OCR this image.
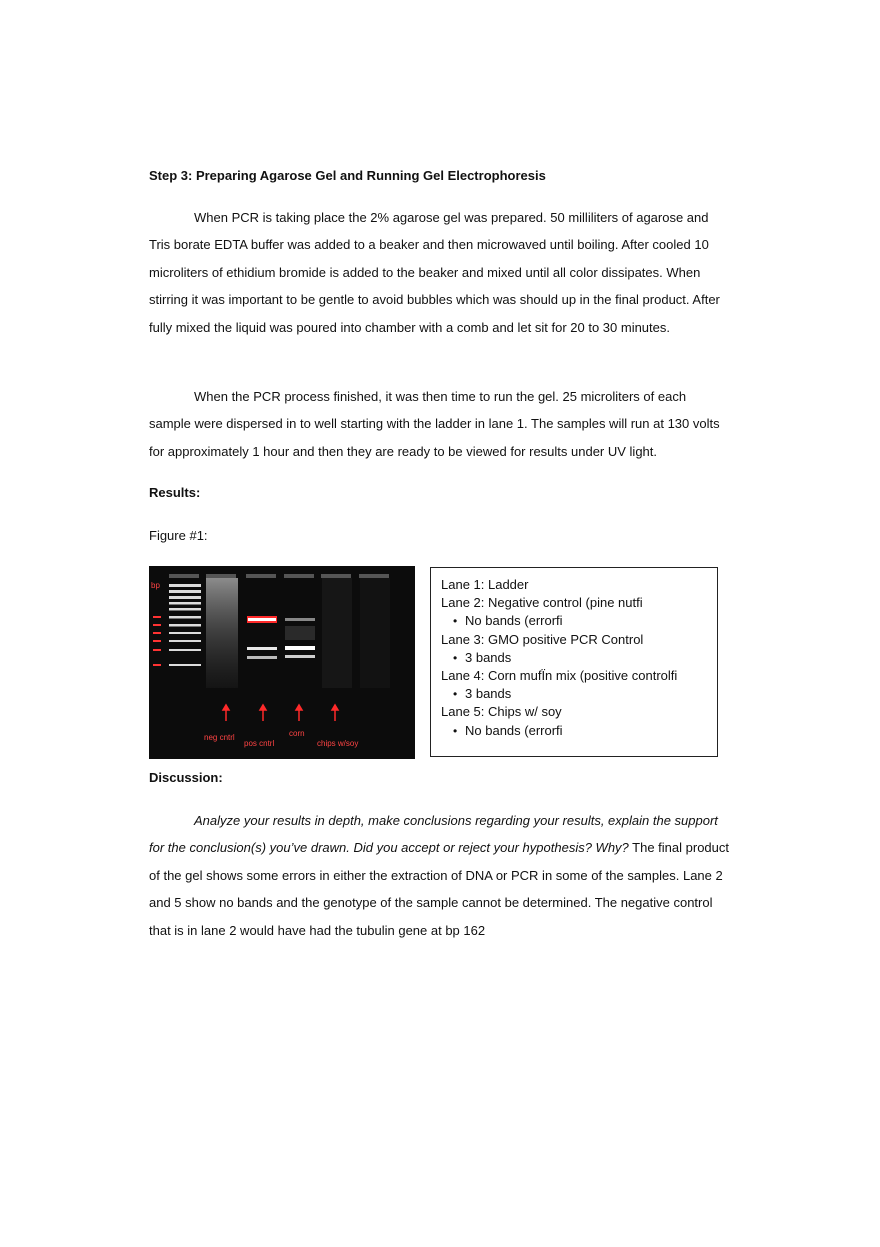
Step 3: Preparing Agarose Gel and Running Gel Electrophoresis

When PCR is taking place the 2% agarose gel was prepared. 50 milliliters of agarose and Tris borate EDTA buffer was added to a beaker and then microwaved until boiling. After cooled 10 microliters of ethidium bromide is added to the beaker and mixed until all color dissipates. When stirring it was important to be gentle to avoid bubbles which was should up in the final product. After fully mixed the liquid was poured into chamber with a comb and let sit for 20 to 30 minutes.

When the PCR process finished, it was then time to run the gel. 25 microliters of each sample were dispersed in to well starting with the ladder in lane 1. The samples will run at 130 volts for approximately 1 hour and then they are ready to be viewed for results under UV light.

Results:
Figure #1:
bp
neg cntrl
pos cntrl
corn
chips w/soy

Lane 1: Ladder

Lane 2: Negative control (pine nutfi

• No bands (errorfi

Lane 3: GMO positive PCR Control

• 3 bands

Lane 4: Corn mufÏn mix (positive controlfi

• 3 bands

Lane 5: Chips w/ soy

• No bands (errorfi

Discussion:

Analyze your results in depth, make conclusions regarding your results, explain the support for the conclusion(s) you’ve drawn. Did you accept or reject your hypothesis? Why? The final product of the gel shows some errors in either the extraction of DNA or PCR in some of the samples. Lane 2 and 5 show no bands and the genotype of the sample cannot be determined. The negative control that is in lane 2 would have had the tubulin gene at bp 162
